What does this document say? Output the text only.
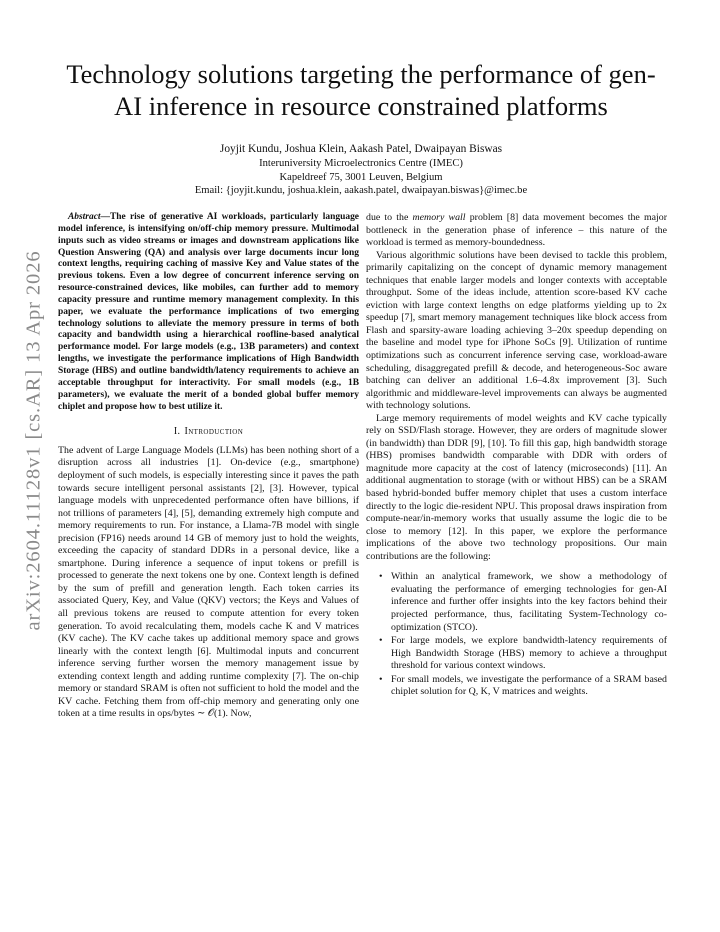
arXiv:2604.11128v1 [cs.AR] 13 Apr 2026
Technology solutions targeting the performance of gen-AI inference in resource constrained platforms
Joyjit Kundu, Joshua Klein, Aakash Patel, Dwaipayan Biswas
Interuniversity Microelectronics Centre (IMEC)
Kapeldreef 75, 3001 Leuven, Belgium
Email: {joyjit.kundu, joshua.klein, aakash.patel, dwaipayan.biswas}@imec.be

Abstract—The rise of generative AI workloads, particularly language model inference, is intensifying on/off-chip memory pressure. Multimodal inputs such as video streams or images and downstream applications like Question Answering (QA) and analysis over large documents incur long context lengths, requiring caching of massive Key and Value states of the previous tokens. Even a low degree of concurrent inference serving on resource-constrained devices, like mobiles, can further add to memory capacity pressure and runtime memory management complexity. In this paper, we evaluate the performance implications of two emerging technology solutions to alleviate the memory pressure in terms of both capacity and bandwidth using a hierarchical roofline-based analytical performance model. For large models (e.g., 13B parameters) and context lengths, we investigate the performance implications of High Bandwidth Storage (HBS) and outline bandwidth/latency requirements to achieve an acceptable throughput for interactivity. For small models (e.g., 1B parameters), we evaluate the merit of a bonded global buffer memory chiplet and propose how to best utilize it.

I. Introduction

The advent of Large Language Models (LLMs) has been nothing short of a disruption across all industries [1]. On-device (e.g., smartphone) deployment of such models, is especially interesting since it paves the path towards secure intelligent personal assistants [2], [3]. However, typical language models with unprecedented performance often have billions, if not trillions of parameters [4], [5], demanding extremely high compute and memory requirements to run. For instance, a Llama-7B model with single precision (FP16) needs around 14 GB of memory just to hold the weights, exceeding the capacity of standard DDRs in a personal device, like a smartphone. During inference a sequence of input tokens or prefill is processed to generate the next tokens one by one. Context length is defined by the sum of prefill and generation length. Each token carries its associated Query, Key, and Value (QKV) vectors; the Keys and Values of all previous tokens are reused to compute attention for every token generation. To avoid recalculating them, models cache K and V matrices (KV cache). The KV cache takes up additional memory space and grows linearly with the context length [6]. Multimodal inputs and concurrent inference serving further worsen the memory management issue by extending context length and adding runtime complexity [7]. The on-chip memory or standard SRAM is often not sufficient to hold the model and the KV cache. Fetching them from off-chip memory and generating only one token at a time results in ops/bytes ∼ 𝒪(1). Now,

due to the memory wall problem [8] data movement becomes the major bottleneck in the generation phase of inference – this nature of the workload is termed as memory-boundedness.

Various algorithmic solutions have been devised to tackle this problem, primarily capitalizing on the concept of dynamic memory management techniques that enable larger models and longer contexts with acceptable throughput. Some of the ideas include, attention score-based KV cache eviction with large context lengths on edge platforms yielding up to 2x speedup [7], smart memory management techniques like block access from Flash and sparsity-aware loading achieving 3–20x speedup depending on the baseline and model type for iPhone SoCs [9]. Utilization of runtime optimizations such as concurrent inference serving case, workload-aware scheduling, disaggregated prefill & decode, and heterogeneous-Soc aware batching can deliver an additional 1.6–4.8x improvement [3]. Such algorithmic and middleware-level improvements can always be augmented with technology solutions.

Large memory requirements of model weights and KV cache typically rely on SSD/Flash storage. However, they are orders of magnitude slower (in bandwidth) than DDR [9], [10]. To fill this gap, high bandwidth storage (HBS) promises bandwidth comparable with DDR with orders of magnitude more capacity at the cost of latency (microseconds) [11]. An additional augmentation to storage (with or without HBS) can be a SRAM based hybrid-bonded buffer memory chiplet that uses a custom interface directly to the logic die-resident NPU. This proposal draws inspiration from compute-near/in-memory works that usually assume the logic die to be close to memory [12]. In this paper, we explore the performance implications of the above two technology propositions. Our main contributions are the following:

• Within an analytical framework, we show a methodology of evaluating the performance of emerging technologies for gen-AI inference and further offer insights into the key factors behind their projected performance, thus, facilitating System-Technology co-optimization (STCO).
• For large models, we explore bandwidth-latency requirements of High Bandwidth Storage (HBS) memory to achieve a throughput threshold for various context windows.
• For small models, we investigate the performance of a SRAM based chiplet solution for Q, K, V matrices and weights.
